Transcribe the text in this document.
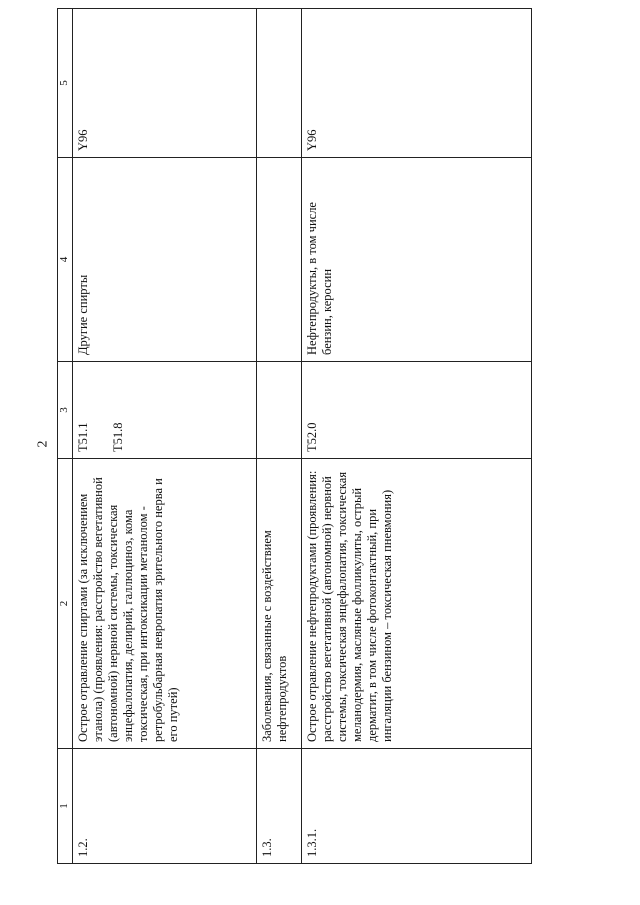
2
1	2	3	4	5
1.2.	Острое отравление спиртами (за исключением этанола) (проявления: расстройство вегетативной (автономной) нервной системы, токсическая энцефалопатия, делирий, галлюциноз, кома токсическая, при интоксикации метанолом - ретробульбарная невропатия зрительного нерва и его путей)	T51.1 T51.8	Другие спирты	Y96
1.3.	Заболевания, связанные с воздействием нефтепродуктов			
1.3.1.	Острое отравление нефтепродуктами (проявления: расстройство вегетативной (автономной) нервной системы, токсическая энцефалопатия, токсическая меланодермия, масляные фолликулиты, острый дерматит, в том числе фотоконтактный, при ингаляции бензином – токсическая пневмония)	T52.0	Нефтепродукты, в том числе бензин, керосин	Y96
